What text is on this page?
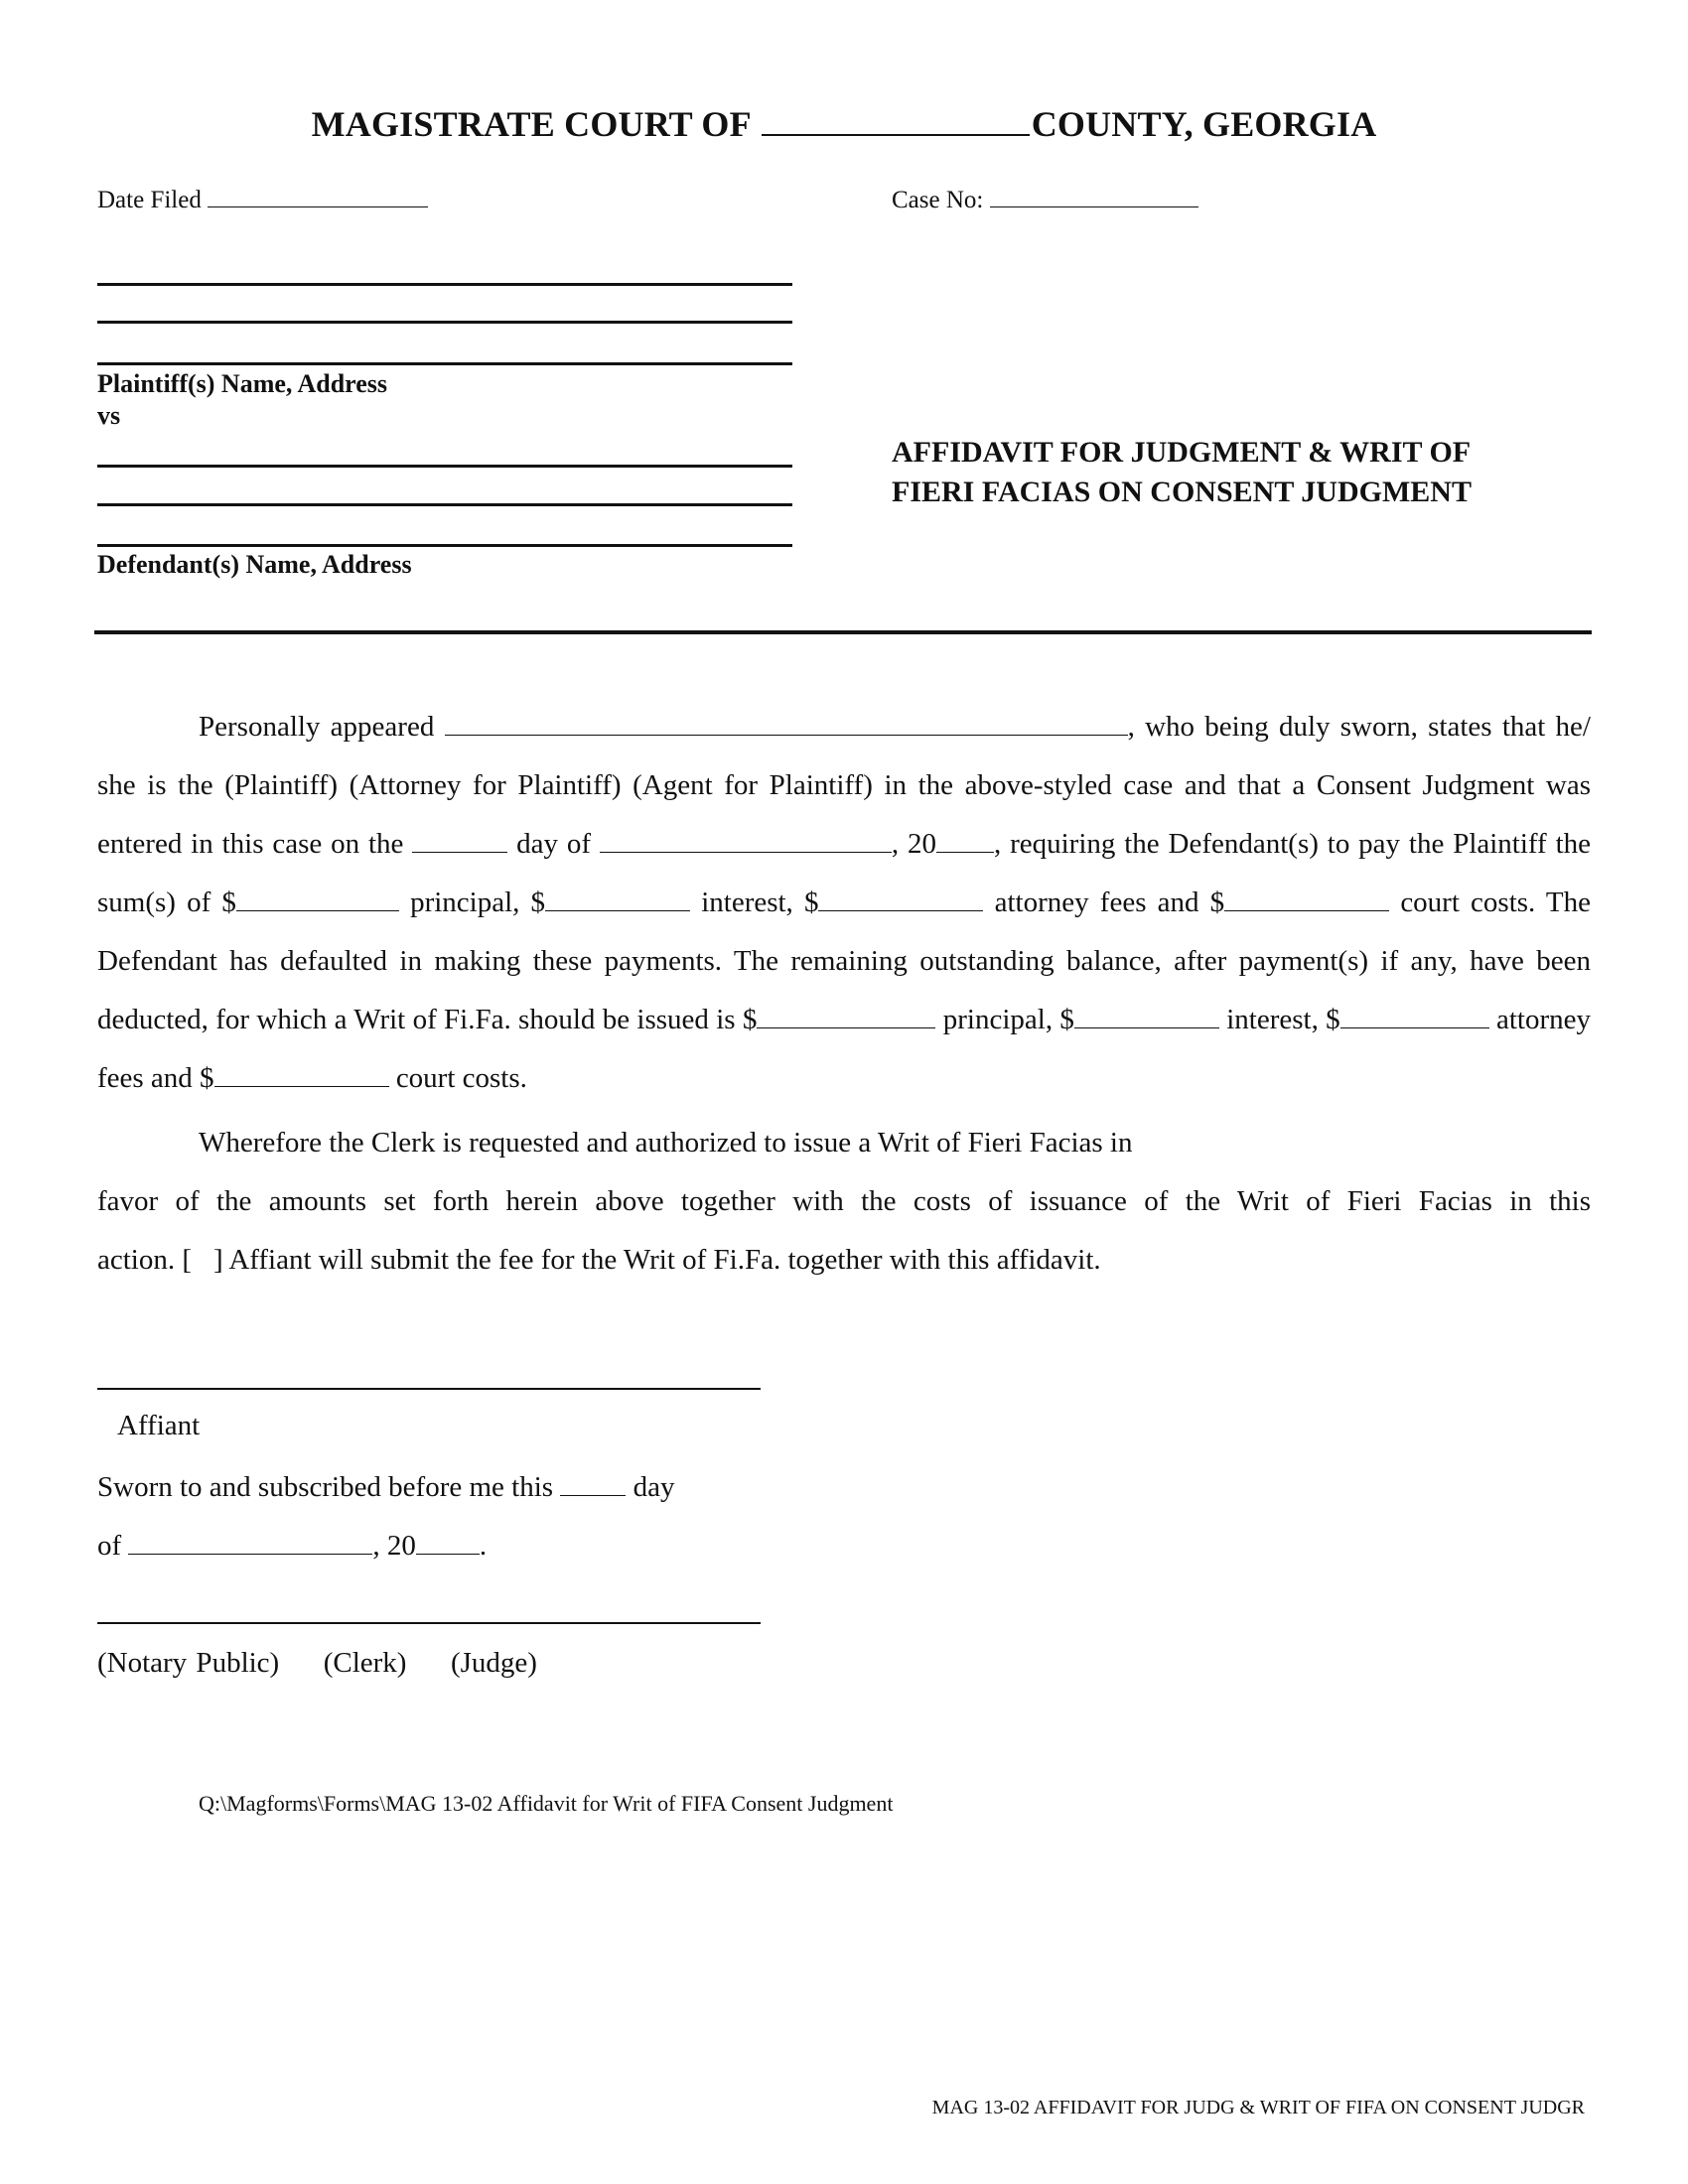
MAGISTRATE COURT OF	COUNTY, GEORGIA
Date Filed	Case No:
Plaintiff(s) Name, Address
vs
Defendant(s) Name, Address
AFFIDAVIT FOR JUDGMENT & WRIT OF
FIERI FACIAS ON CONSENT JUDGMENT
Personally appeared	, who being duly sworn, states that he/ she is the (Plaintiff) (Attorney for Plaintiff) (Agent for Plaintiff) in the above-styled case and that a Consent Judgment was entered in this case on the	day of	, 20 , requiring the Defendant(s) to pay the Plaintiff the sum(s) of $	principal, $	interest, $	attorney fees and $	court costs. The Defendant has defaulted in making these payments. The remaining outstanding balance, after payment(s) if any, have been deducted, for which a Writ of Fi.Fa. should be issued is $	principal, $	interest, $	attorney fees and $	court costs.
Wherefore the Clerk is requested and authorized to issue a Writ of Fieri Facias in
favor of the amounts set forth herein above together with the costs of issuance of the Writ of Fieri Facias in this
action. [ ] Affiant will submit the fee for the Writ of Fi.Fa. together with this affidavit.
Affiant
Sworn to and subscribed before me this	day
of	, 20 .
(Notary Public) (Clerk) (Judge)
Q:\Magforms\Forms\MAG 13-02 Affidavit for Writ of FIFA Consent Judgment
MAG 13-02 AFFIDAVIT FOR JUDG & WRIT OF FIFA ON CONSENT JUDGR
